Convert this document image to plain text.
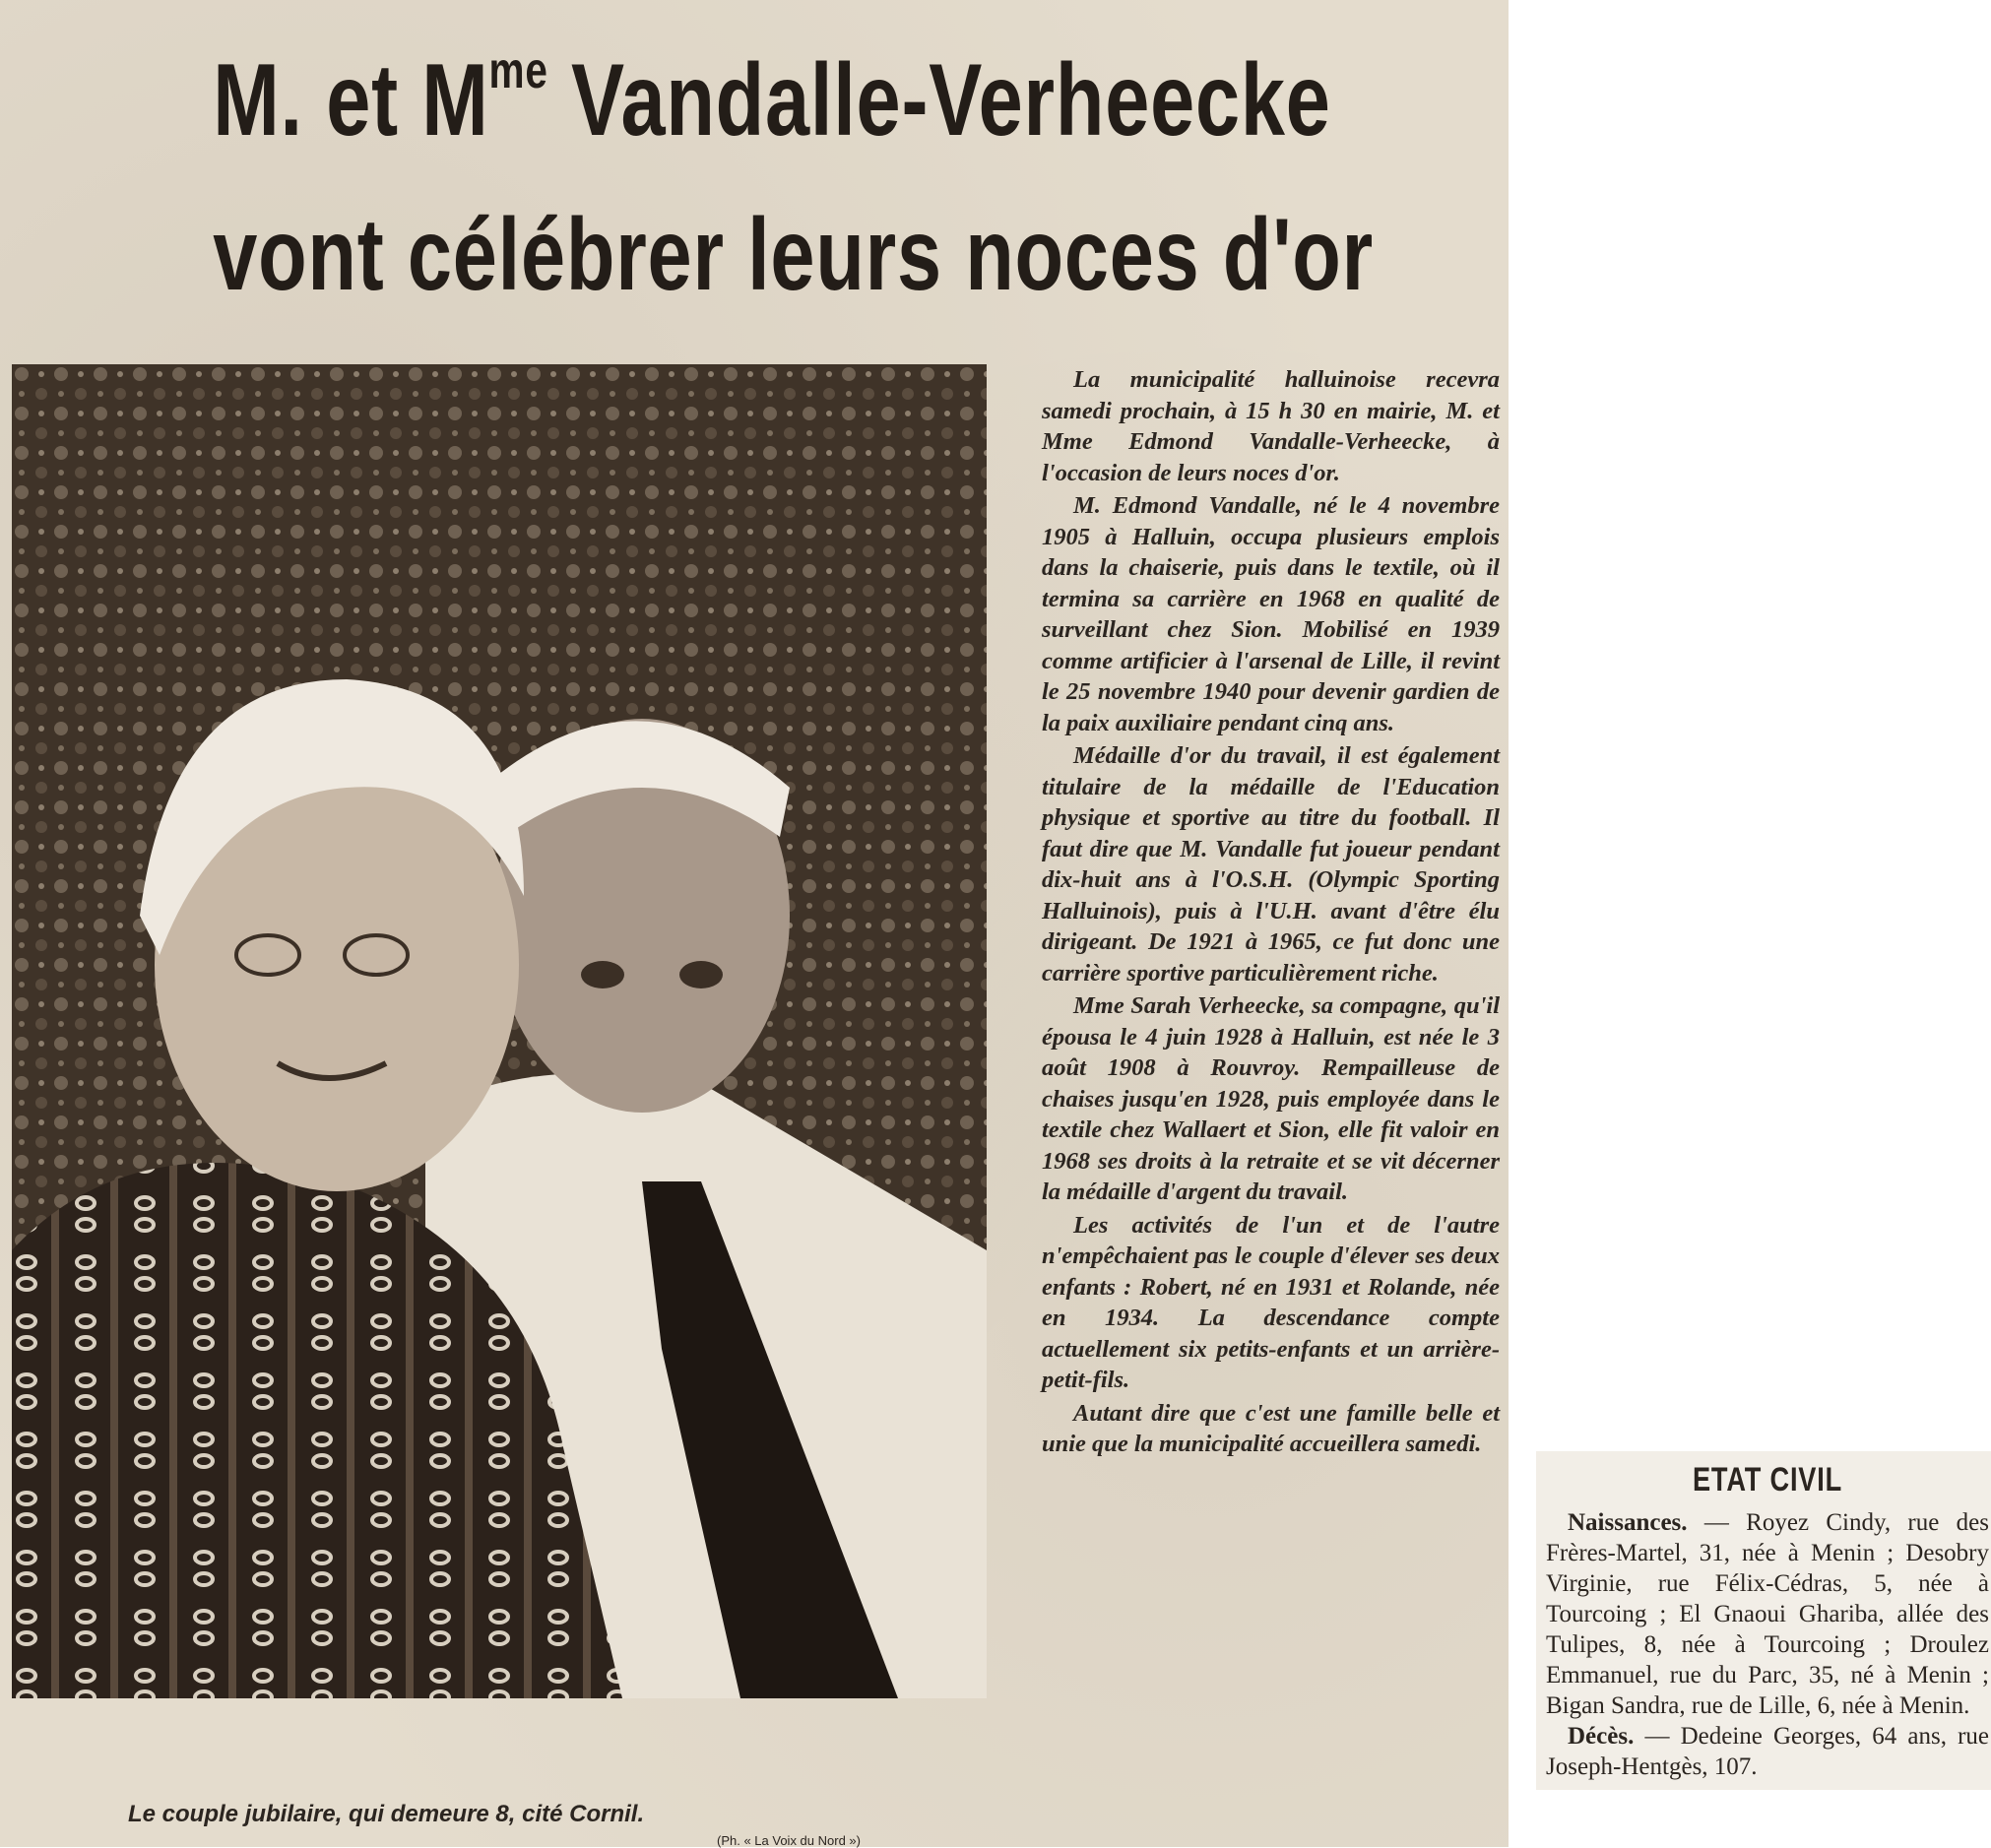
M. et $M^{me}$ Vandalle-Verheecke
vont célébrer leurs noces d'or
Le couple jubilaire, qui demeure 8, cité Cornil.
(Ph. « La Voix du Nord »)

La municipalité halluinoise recevra samedi prochain, à 15 h 30 en mairie, M. et Mme Edmond Vandalle-Verheecke, à l'occasion de leurs noces d'or.

M. Edmond Vandalle, né le 4 novembre 1905 à Halluin, occupa plusieurs emplois dans la chaiserie, puis dans le textile, où il termina sa carrière en 1968 en qualité de surveillant chez Sion. Mobilisé en 1939 comme artificier à l'arsenal de Lille, il revint le 25 novembre 1940 pour devenir gardien de la paix auxiliaire pendant cinq ans.

Médaille d'or du travail, il est également titulaire de la médaille de l'Education physique et sportive au titre du football. Il faut dire que M. Vandalle fut joueur pendant dix-huit ans à l'O.S.H. (Olympic Sporting Halluinois), puis à l'U.H. avant d'être élu dirigeant. De 1921 à 1965, ce fut donc une carrière sportive particulièrement riche.

Mme Sarah Verheecke, sa compagne, qu'il épousa le 4 juin 1928 à Halluin, est née le 3 août 1908 à Rouvroy. Rempailleuse de chaises jusqu'en 1928, puis employée dans le textile chez Wallaert et Sion, elle fit valoir en 1968 ses droits à la retraite et se vit décerner la médaille d'argent du travail.

Les activités de l'un et de l'autre n'empêchaient pas le couple d'élever ses deux enfants : Robert, né en 1931 et Rolande, née en 1934. La descendance compte actuellement six petits-enfants et un arrière-petit-fils.

Autant dire que c'est une famille belle et unie que la municipalité accueillera samedi.

ETAT CIVIL

Naissances. — Royez Cindy, rue des Frères-Martel, 31, née à Menin ; Desobry Virginie, rue Félix-Cédras, 5, née à Tourcoing ; El Gnaoui Ghariba, allée des Tulipes, 8, née à Tourcoing ; Droulez Emmanuel, rue du Parc, 35, né à Menin ; Bigan Sandra, rue de Lille, 6, née à Menin.

Décès. — Dedeine Georges, 64 ans, rue Joseph-Hentgès, 107.
